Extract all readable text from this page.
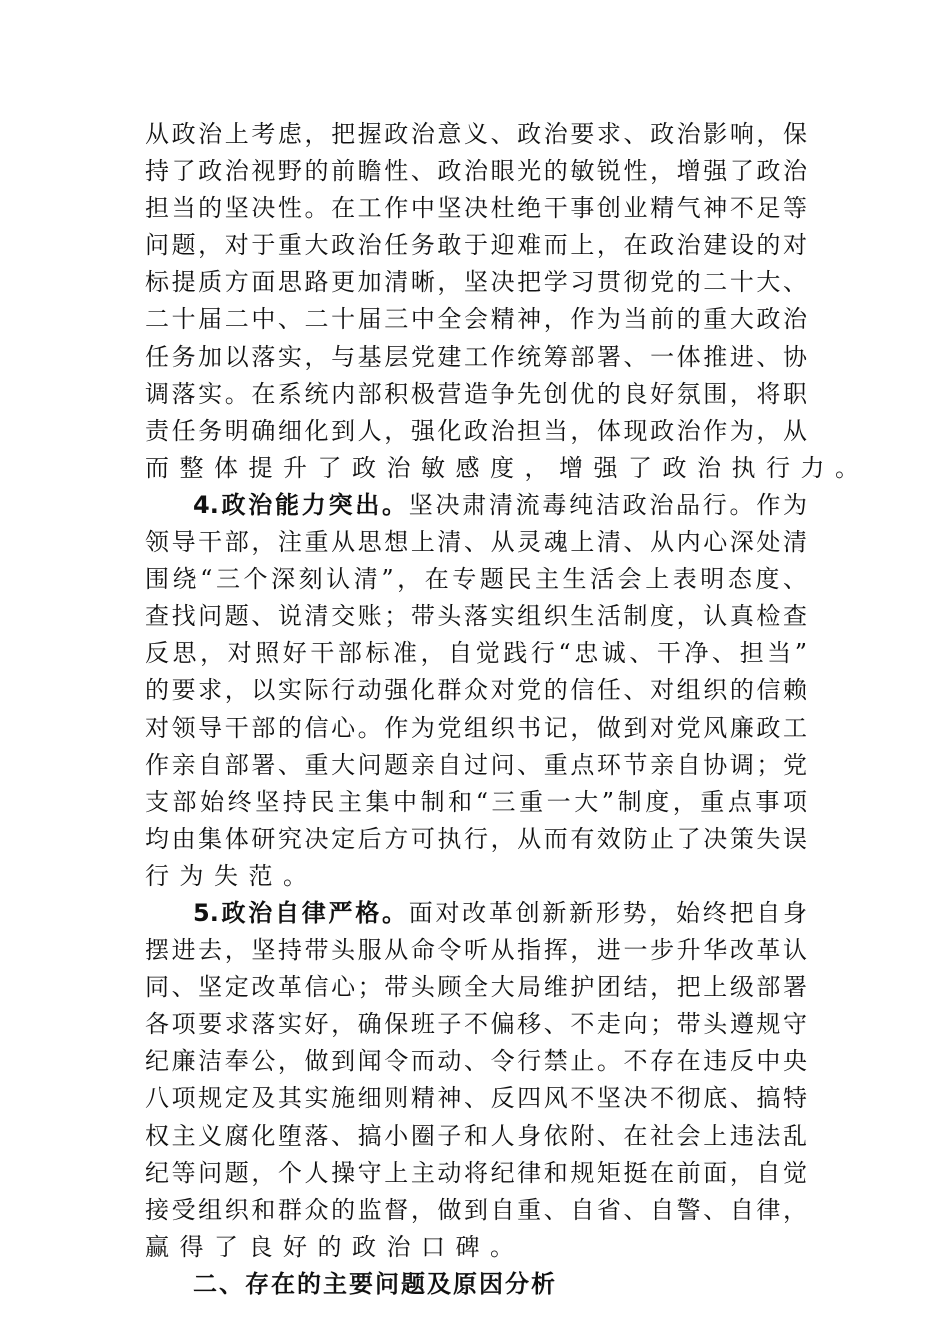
从政治上考虑，把握政治意义、政治要求、政治影响，保
持了政治视野的前瞻性、政治眼光的敏锐性，增强了政治
担当的坚决性。在工作中坚决杜绝干事创业精气神不足等
问题，对于重大政治任务敢于迎难而上，在政治建设的对
标提质方面思路更加清晰，坚决把学习贯彻党的二十大、
二十届二中、二十届三中全会精神，作为当前的重大政治
任务加以落实，与基层党建工作统筹部署、一体推进、协
调落实。在系统内部积极营造争先创优的良好氛围，将职
责任务明确细化到人，强化政治担当，体现政治作为，从
而整体提升了政治敏感度，增强了政治执行力。
4.政治能力突出。坚决肃清流毒纯洁政治品行。作为
领导干部，注重从思想上清、从灵魂上清、从内心深处清
围绕“三个深刻认清”，在专题民主生活会上表明态度、
查找问题、说清交账；带头落实组织生活制度，认真检查
反思，对照好干部标准，自觉践行“忠诚、干净、担当”
的要求，以实际行动强化群众对党的信任、对组织的信赖
对领导干部的信心。作为党组织书记，做到对党风廉政工
作亲自部署、重大问题亲自过问、重点环节亲自协调；党
支部始终坚持民主集中制和“三重一大”制度，重点事项
均由集体研究决定后方可执行，从而有效防止了决策失误
行为失范。
5.政治自律严格。面对改革创新新形势，始终把自身
摆进去，坚持带头服从命令听从指挥，进一步升华改革认
同、坚定改革信心；带头顾全大局维护团结，把上级部署
各项要求落实好，确保班子不偏移、不走向；带头遵规守
纪廉洁奉公，做到闻令而动、令行禁止。不存在违反中央
八项规定及其实施细则精神、反四风不坚决不彻底、搞特
权主义腐化堕落、搞小圈子和人身依附、在社会上违法乱
纪等问题，个人操守上主动将纪律和规矩挺在前面，自觉
接受组织和群众的监督，做到自重、自省、自警、自律，
赢得了良好的政治口碑。
二、存在的主要问题及原因分析
